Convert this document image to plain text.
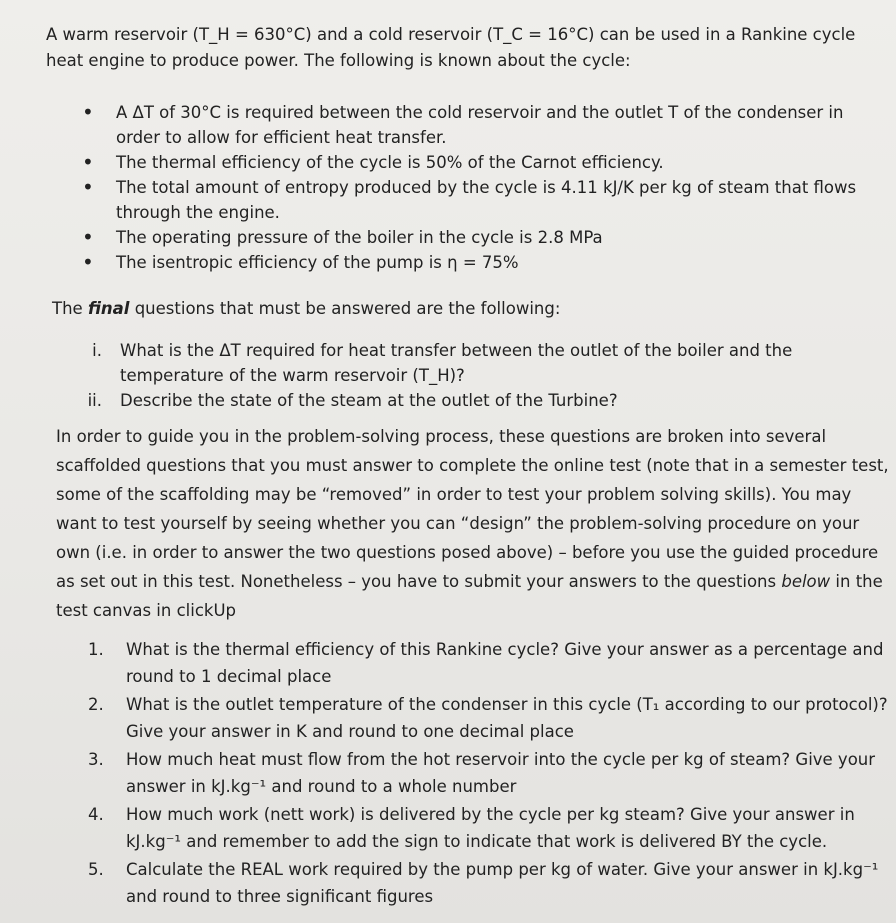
A warm reservoir (T_H = 630°C) and a cold reservoir (T_C = 16°C) can be used in a Rankine cycle
heat engine to produce power. The following is known about the cycle:
• A ΔT of 30°C is required between the cold reservoir and the outlet T of the condenser in order to allow for efficient heat transfer.
• The thermal efficiency of the cycle is 50% of the Carnot efficiency.
• The total amount of entropy produced by the cycle is 4.11 kJ/K per kg of steam that flows through the engine.
• The operating pressure of the boiler in the cycle is 2.8 MPa
• The isentropic efficiency of the pump is η = 75%
The final questions that must be answered are the following:
i. What is the ΔT required for heat transfer between the outlet of the boiler and the temperature of the warm reservoir (T_H)?
ii. Describe the state of the steam at the outlet of the Turbine?
In order to guide you in the problem-solving process, these questions are broken into several scaffolded questions that you must answer to complete the online test (note that in a semester test, some of the scaffolding may be “removed” in order to test your problem solving skills). You may want to test yourself by seeing whether you can “design” the problem-solving procedure on your own (i.e. in order to answer the two questions posed above) – before you use the guided procedure as set out in this test. Nonetheless – you have to submit your answers to the questions below in the test canvas in clickUp
1. What is the thermal efficiency of this Rankine cycle? Give your answer as a percentage and round to 1 decimal place
2. What is the outlet temperature of the condenser in this cycle (T₁ according to our protocol)? Give your answer in K and round to one decimal place
3. How much heat must flow from the hot reservoir into the cycle per kg of steam? Give your answer in kJ.kg⁻¹ and round to a whole number
4. How much work (nett work) is delivered by the cycle per kg steam? Give your answer in kJ.kg⁻¹ and remember to add the sign to indicate that work is delivered BY the cycle.
5. Calculate the REAL work required by the pump per kg of water. Give your answer in kJ.kg⁻¹ and round to three significant figures
